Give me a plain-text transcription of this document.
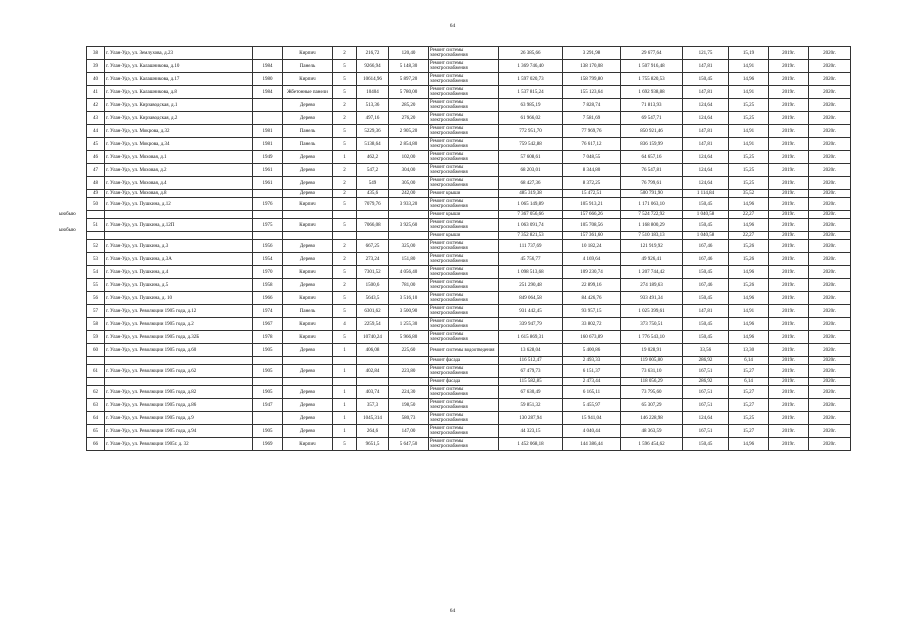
64
ыюбыю
ыюбыю
38	г. Улан-Удэ, ул. Землухова, д.23		Кирпич	2	216,72	120,40	Ремонт системы электроснабжения	26 385,66	3 291,98	29 677,64	121,75	15,19	2019г.	2020г.
39	г. Улан-Удэ, ул. Калашникова, д.10	1984	Панель	5	9266,94	5 148,30	Ремонт системы электроснабжения	1 369 746,40	138 170,08	1 507 916,48	147,81	14,91	2019г.	2020г.
40	г. Улан-Удэ, ул. Калашникова, д.17	1980	Кирпич	5	10614,96	5 897,20	Ремонт системы электроснабжения	1 597 020,73	158 799,80	1 755 820,53	150,45	14,96	2019г.	2020г.
41	г. Улан-Удэ, ул. Калашникова, д.8	1984	Жбетонные панели	5	10404	5 780,00	Ремонт системы электроснабжения	1 537 815,24	155 123,64	1 692 938,88	147,81	14,91	2019г.	2020г.
42	г. Улан-Удэ, ул. Кирзаводская, д.1		Дерево	2	513,36	285,20	Ремонт системы электроснабжения	63 985,19	7 828,74	71 813,93	124,64	15,25	2019г.	2020г.
43	г. Улан-Удэ, ул. Кирзаводская, д.2		Дерево	2	497,16	276,20	Ремонт системы электроснабжения	61 966,02	7 581,69	69 547,71	124,64	15,25	2019г.	2020г.
44	г. Улан-Удэ, ул. Мокрова, д.32	1981	Панель	5	5229,36	2 905,20	Ремонт системы электроснабжения	772 951,70	77 969,76	850 921,46	147,81	14,91	2019г.	2020г.
45	г. Улан-Удэ, ул. Мокрова, д.34	1981	Панель	5	5138,64	2 854,80	Ремонт системы электроснабжения	759 542,88	76 617,12	836 159,99	147,81	14,91	2019г.	2020г.
46	г. Улан-Удэ, ул. Моховая, д.1	1949	Дерево	1	462,2	102,00	Ремонт системы электроснабжения	57 608,61	7 048,55	64 657,16	124,64	15,25	2019г.	2020г.
47	г. Улан-Удэ, ул. Моховая, д.2	1961	Дерево	2	547,2	304,00	Ремонт системы электроснабжения	68 203,01	8 344,80	76 547,81	124,64	15,25	2019г.	2020г.
48	г. Улан-Удэ, ул. Моховая, д.4	1961	Дерево	2	549	305,00	Ремонт системы электроснабжения	68 427,36	8 372,25	76 799,61	124,64	15,25	2019г.	2020г.
49	г. Улан-Удэ, ул. Моховая, д.8		Дерево	2	435,6	242,00	Ремонт крыши	485 319,38	15 472,51	500 791,90	1 114,84	35,52	2019г.	2020г.
50	г. Улан-Удэ, ул. Пушкина, д.12	1976	Кирпич	5	7079,76	3 933,20	Ремонт системы электроснабжения	1 065 149,89	105 913,21	1 171 063,10	150,45	14,96	2019г.	2020г.
							Ремонт крыши	7 367 056,66	157 666,26	7 524 722,92	1 040,58	22,27	2019г.	2020г.
51	г. Улан-Удэ, ул. Пушкина, д.12П	1975	Кирпич	5	7066,08	3 925,60	Ремонт системы электроснабжения	1 063 091,74	105 708,56	1 168 800,29	150,45	14,96	2019г.	2020г.
							Ремонт крыши	7 352 821,53	157 361,60	7 510 183,13	1 040,58	22,27	2019г.	2020г.
52	г. Улан-Удэ, ул. Пушкина, д.3	1956	Дерево	2	667,25	325,00	Ремонт системы электроснабжения	111 737,69	10 182,24	121 919,92	167,46	15,26	2019г.	2020г.
53	г. Улан-Удэ, ул. Пушкина, д.3А	1954	Дерево	2	273,24	151,80	Ремонт системы электроснабжения	45 756,77	4 169,64	49 926,41	167,46	15,26	2019г.	2020г.
54	г. Улан-Удэ, ул. Пушкина, д.4	1970	Кирпич	5	7301,52	4 056,40	Ремонт системы электроснабжения	1 098 513,68	109 230,74	1 207 744,42	150,45	14,96	2019г.	2020г.
55	г. Улан-Удэ, ул. Пушкина, д.5	1958	Дерево	2	1500,6	781,00	Ремонт системы электроснабжения	251 290,48	22 899,16	274 189,63	167,46	15,26	2019г.	2020г.
56	г. Улан-Удэ, ул. Пушкина, д. 10	1966	Кирпич	5	5643,5	3 516,10	Ремонт системы электроснабжения	849 064,58	84 426,76	933 491,34	150,45	14,96	2019г.	2020г.
57	г. Улан-Удэ, ул. Революции 1905 года, д.12	1974	Панель	5	6301,62	3 500,90	Ремонт системы электроснабжения	931 442,45	93 957,15	1 025 399,61	147,81	14,91	2019г.	2020г.
58	г. Улан-Удэ, ул. Революции 1905 года, д.2	1967	Кирпич	4	2259,54	1 255,30	Ремонт системы электроснабжения	339 947,79	33 802,72	373 750,51	150,45	14,96	2019г.	2020г.
59	г. Улан-Удэ, ул. Революции 1905 года, д.32Б	1978	Кирпич	5	10740,24	5 966,80	Ремонт системы электроснабжения	1 615 869,31	160 673,89	1 776 543,10	150,45	14,96	2019г.	2020г.
60	г. Улан-Удэ, ул. Революции 1905 года, д.60	1905	Дерево	1	406,08	225,60	Ремонт системы водоотведения	13 628,04	5 400,86	19 028,91	33,56	13,30	2019г.	2020г.
							Ремонт фасада	116 512,47	2 493,33	119 005,80	286,92	6,14	2019г.	2020г.
61	г. Улан-Удэ, ул. Революции 1905 года, д.62	1905	Дерево	1	402,84	223,80	Ремонт системы электроснабжения	67 479,73	6 151,37	73 631,10	167,51	15,27	2019г.	2020г.
							Ремонт фасада	115 582,85	2 473,44	118 056,29	286,92	6,14	2019г.	2020г.
62	г. Улан-Удэ, ул. Революции 1905 года, д.82	1905	Дерево	1	403,74	224,30	Ремонт системы электроснабжения	67 630,49	6 165,11	73 795,60	167,51	15,27	2019г.	2020г.
63	г. Улан-Удэ, ул. Революции 1905 года, д.86	1947	Дерево	1	357,3	198,50	Ремонт системы электроснабжения	59 851,32	5 455,97	65 307,29	167,51	15,27	2019г.	2020г.
64	г. Улан-Удэ, ул. Революции 1905 года, д.9		Дерево	1	1045,314	580,73	Ремонт системы электроснабжения	130 287,94	15 941,04	146 228,98	124,64	15,25	2019г.	2020г.
65	г. Улан-Удэ, ул. Революции 1905 года, д.94	1905	Дерево	1	264,6	147,00	Ремонт системы электроснабжения	44 323,15	4 040,44	48 363,59	167,51	15,27	2019г.	2020г.
66	г. Улан-Удэ, ул. Революции 1905г. д. 32	1969	Кирпич	5	9651,5	5 647,50	Ремонт системы электроснабжения	1 452 068,18	144 386,44	1 596 454,62	150,45	14,96	2019г.	2020г.
64
